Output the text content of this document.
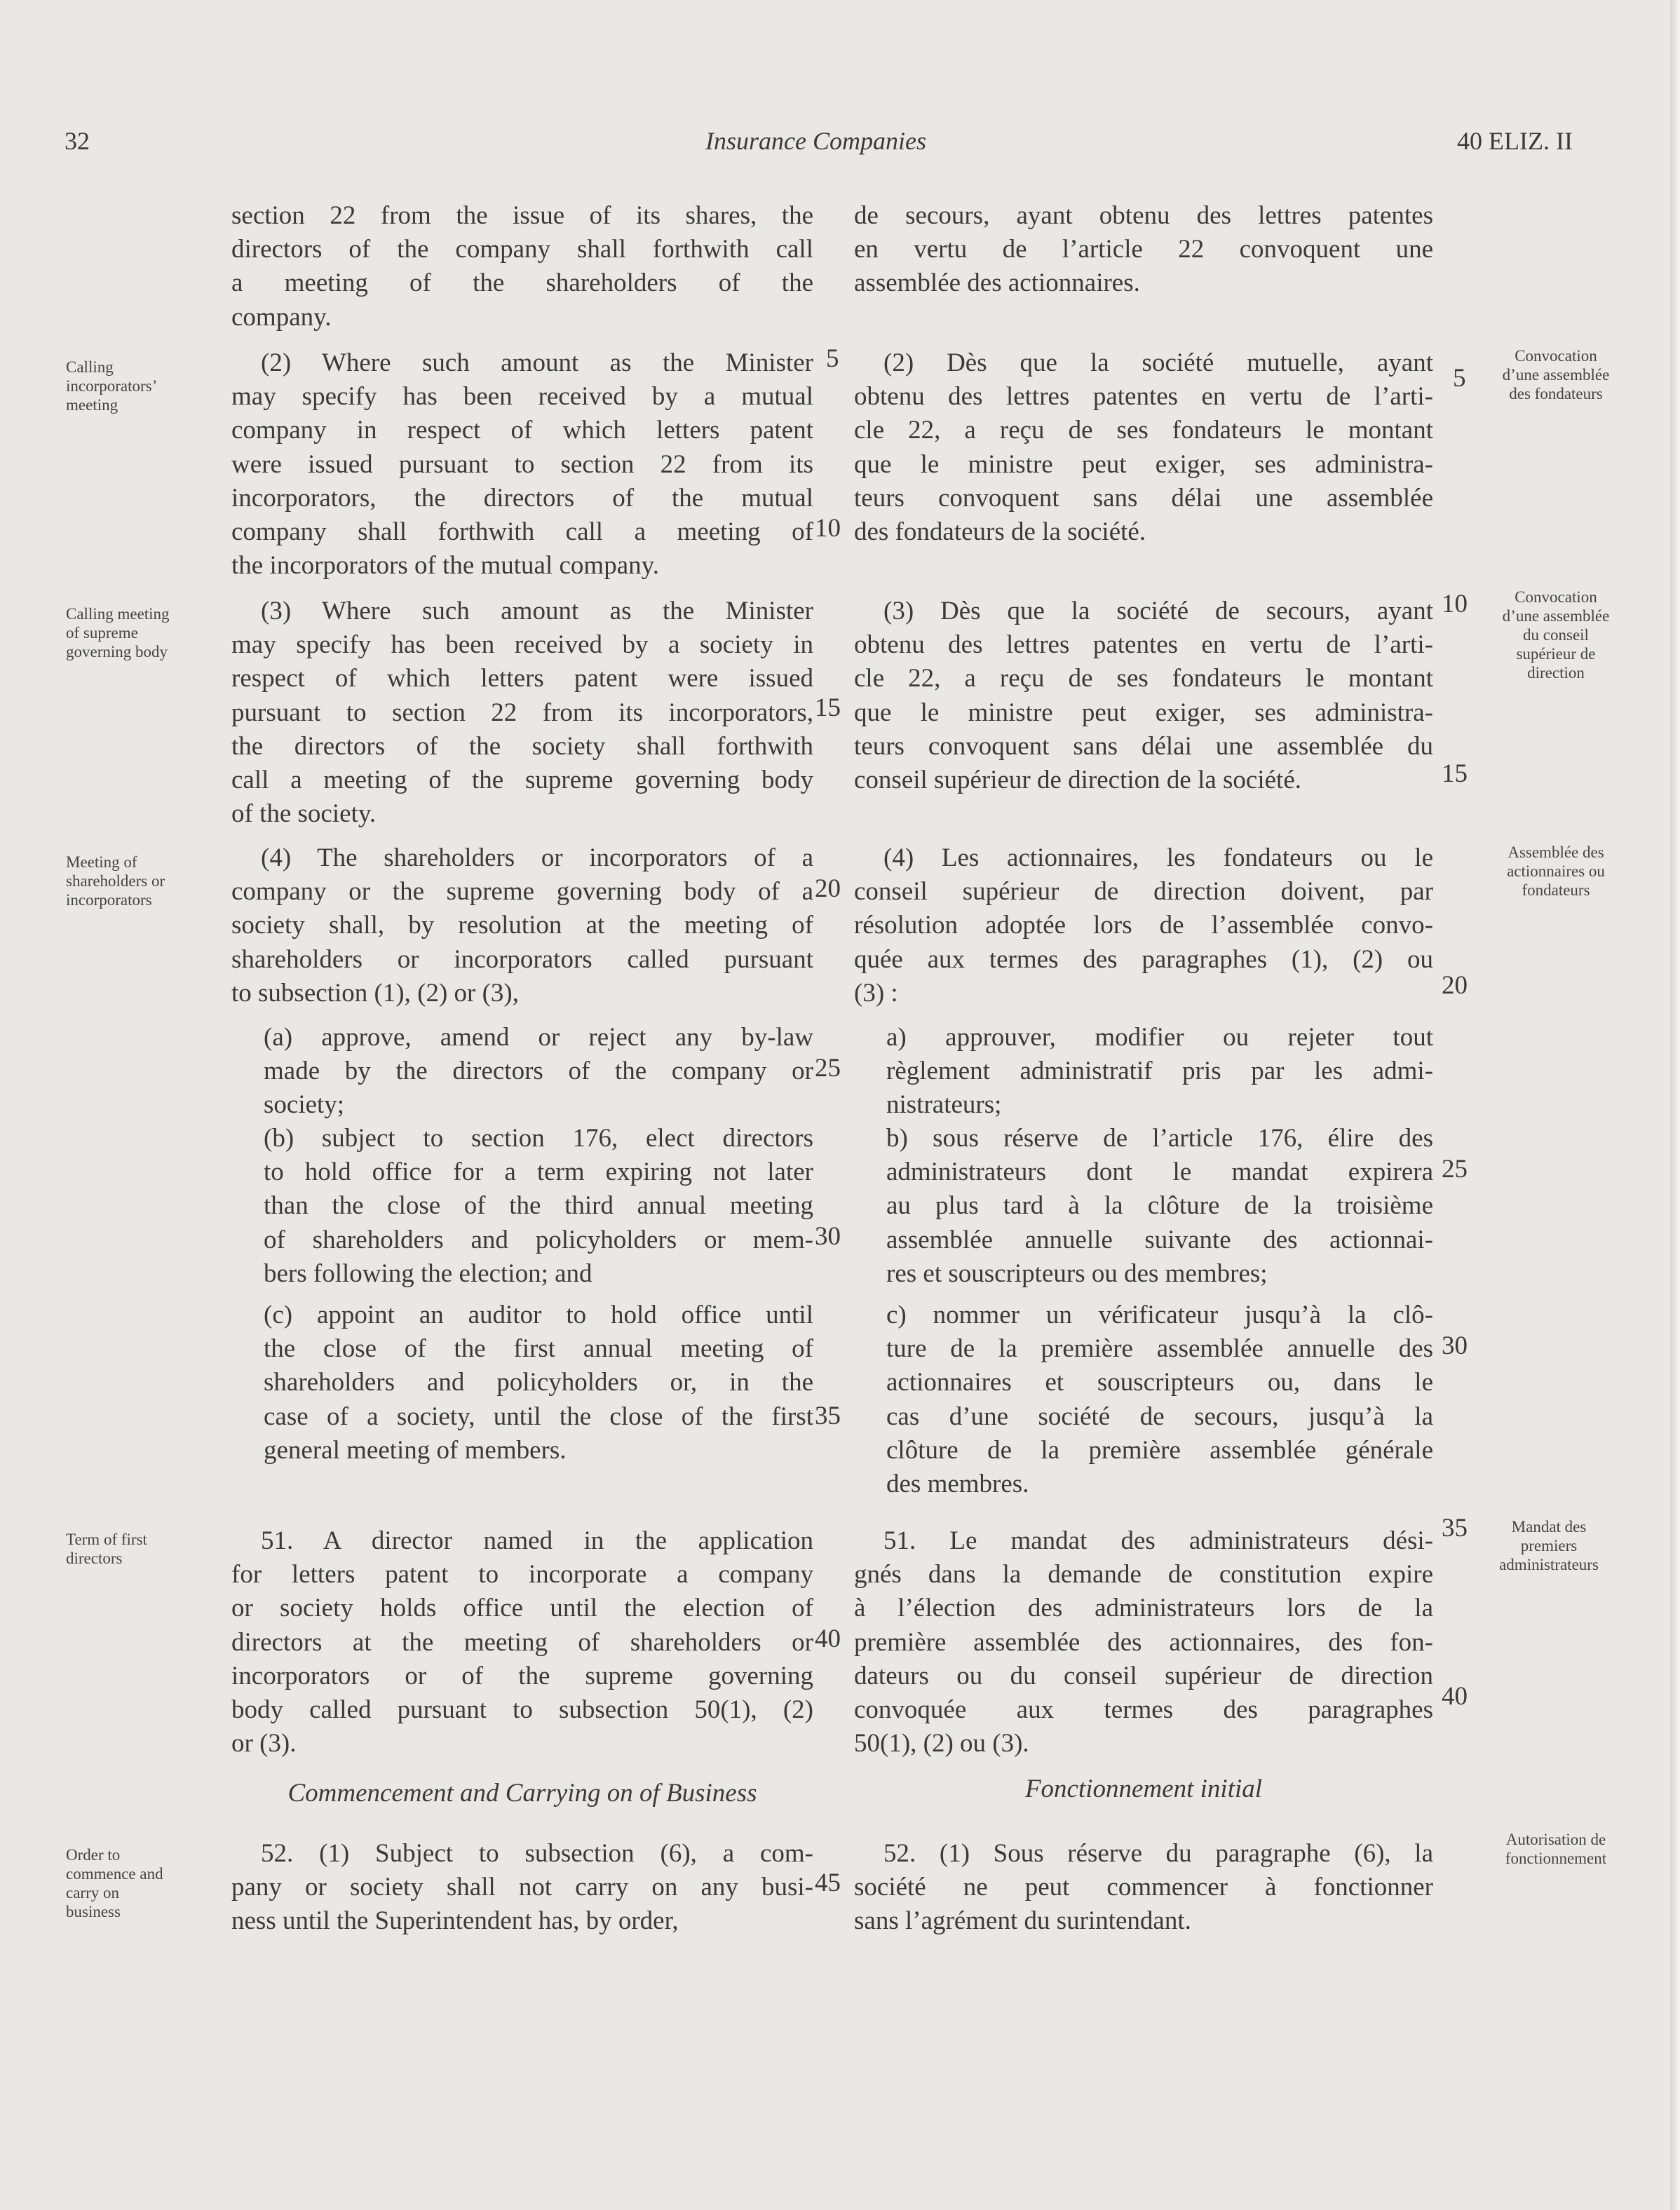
32	Insurance Companies	40 ELIZ. II

section 22 from the issue of its shares, the

directors of the company shall forthwith call

a meeting of the shareholders of the

company.

(2) Where such amount as the Minister

may specify has been received by a mutual

company in respect of which letters patent

were issued pursuant to section 22 from its

incorporators, the directors of the mutual

company shall forthwith call a meeting of

the incorporators of the mutual company.

(3) Where such amount as the Minister

may specify has been received by a society in

respect of which letters patent were issued

pursuant to section 22 from its incorporators,

the directors of the society shall forthwith

call a meeting of the supreme governing body

of the society.

(4) The shareholders or incorporators of a

company or the supreme governing body of a

society shall, by resolution at the meeting of

shareholders or incorporators called pursuant

to subsection (1), (2) or (3),

(a) approve, amend or reject any by-law

made by the directors of the company or

society;

(b) subject to section 176, elect directors

to hold office for a term expiring not later

than the close of the third annual meeting

of shareholders and policyholders or mem-

bers following the election; and

(c) appoint an auditor to hold office until

the close of the first annual meeting of

shareholders and policyholders or, in the

case of a society, until the close of the first

general meeting of members.

51. A director named in the application

for letters patent to incorporate a company

or society holds office until the election of

directors at the meeting of shareholders or

incorporators or of the supreme governing

body called pursuant to subsection 50(1), (2)

or (3).

Commencement and Carrying on of Business

52. (1) Subject to subsection (6), a com-

pany or society shall not carry on any busi-

ness until the Superintendent has, by order,

de secours, ayant obtenu des lettres patentes

en vertu de l’article 22 convoquent une

assemblée des actionnaires.

(2) Dès que la société mutuelle, ayant

obtenu des lettres patentes en vertu de l’arti-

cle 22, a reçu de ses fondateurs le montant

que le ministre peut exiger, ses administra-

teurs convoquent sans délai une assemblée

des fondateurs de la société.

(3) Dès que la société de secours, ayant

obtenu des lettres patentes en vertu de l’arti-

cle 22, a reçu de ses fondateurs le montant

que le ministre peut exiger, ses administra-

teurs convoquent sans délai une assemblée du

conseil supérieur de direction de la société.

(4) Les actionnaires, les fondateurs ou le

conseil supérieur de direction doivent, par

résolution adoptée lors de l’assemblée convo-

quée aux termes des paragraphes (1), (2) ou

(3) :

a) approuver, modifier ou rejeter tout

règlement administratif pris par les admi-

nistrateurs;

b) sous réserve de l’article 176, élire des

administrateurs dont le mandat expirera

au plus tard à la clôture de la troisième

assemblée annuelle suivante des actionnai-

res et souscripteurs ou des membres;

c) nommer un vérificateur jusqu’à la clô-

ture de la première assemblée annuelle des

actionnaires et souscripteurs ou, dans le

cas d’une société de secours, jusqu’à la

clôture de la première assemblée générale

des membres.

51. Le mandat des administrateurs dési-

gnés dans la demande de constitution expire

à l’élection des administrateurs lors de la

première assemblée des actionnaires, des fon-

dateurs ou du conseil supérieur de direction

convoquée aux termes des paragraphes

50(1), (2) ou (3).

Fonctionnement initial

52. (1) Sous réserve du paragraphe (6), la

société ne peut commencer à fonctionner

sans l’agrément du surintendant.

Calling
incorporators’
meeting
Calling meeting
of supreme
governing body
Meeting of
shareholders or
incorporators
Term of first
directors
Order to
commence and
carry on
business
Convocation
d’une assemblée
des fondateurs
Convocation
d’une assemblée
du conseil
supérieur de
direction
Assemblée des
actionnaires ou
fondateurs
Mandat des
premiers
administrateurs
Autorisation de
fonctionnement
5
10
15
20
25
30
35
40
45
5
10
15
20
25
30
35
40
